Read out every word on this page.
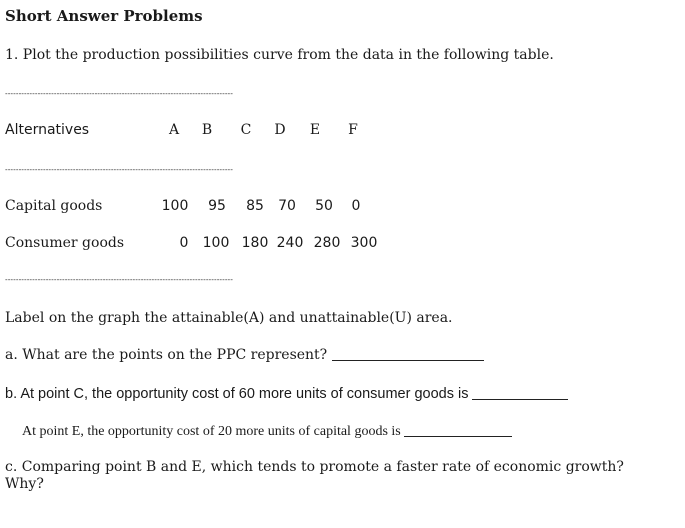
Short Answer Problems
1. Plot the production possibilities curve from the data in the following table.
------------------------------------------------------------------------------------
Alternatives	A	B	C	D	E	F
------------------------------------------------------------------------------------
Capital goods	100	95	85	70	50	0
Consumer goods	0	100 180 240 280 300
------------------------------------------------------------------------------------
Label on the graph the attainable(A) and unattainable(U) area.
a. What are the points on the PPC represent?
b. At point C, the opportunity cost of 60 more units of consumer goods is
At point E, the opportunity cost of 20 more units of capital goods is
c. Comparing point B and E, which tends to promote a faster rate of economic growth? Why?
